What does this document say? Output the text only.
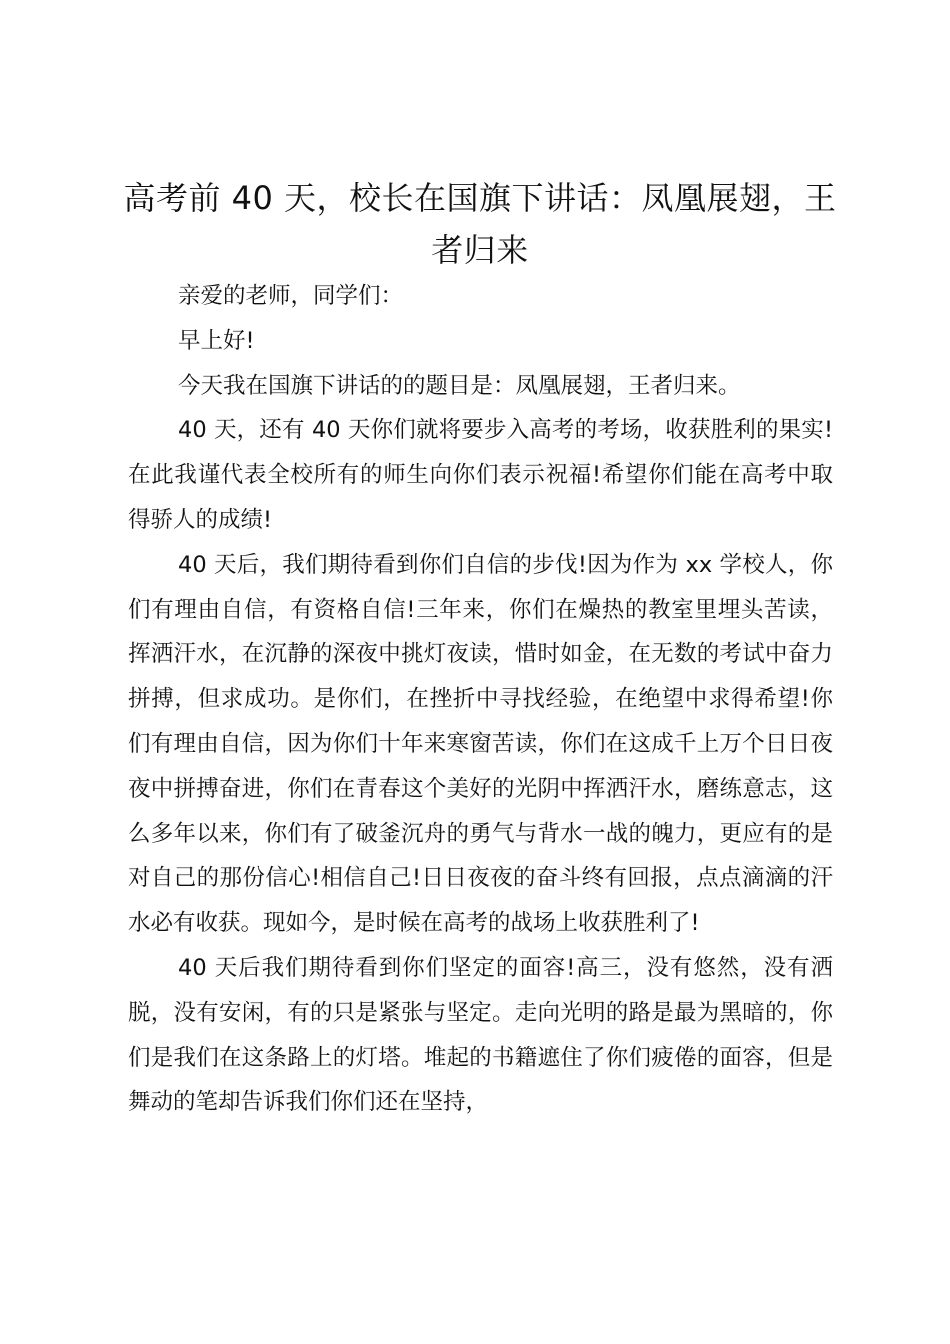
高考前 40 天，校长在国旗下讲话：凤凰展翅，王者归来

亲爱的老师，同学们：

早上好!

今天我在国旗下讲话的的题目是：凤凰展翅，王者归来。

40 天，还有 40 天你们就将要步入高考的考场，收获胜利的果实!在此我谨代表全校所有的师生向你们表示祝福!希望你们能在高考中取得骄人的成绩!

40 天后，我们期待看到你们自信的步伐!因为作为 xx 学校人，你们有理由自信，有资格自信!三年来，你们在燥热的教室里埋头苦读，挥洒汗水，在沉静的深夜中挑灯夜读，惜时如金，在无数的考试中奋力拼搏，但求成功。是你们，在挫折中寻找经验，在绝望中求得希望!你们有理由自信，因为你们十年来寒窗苦读，你们在这成千上万个日日夜夜中拼搏奋进，你们在青春这个美好的光阴中挥洒汗水，磨练意志，这么多年以来，你们有了破釜沉舟的勇气与背水一战的魄力，更应有的是对自己的那份信心!相信自己!日日夜夜的奋斗终有回报，点点滴滴的汗水必有收获。现如今，是时候在高考的战场上收获胜利了!

40 天后我们期待看到你们坚定的面容!高三，没有悠然，没有洒脱，没有安闲，有的只是紧张与坚定。走向光明的路是最为黑暗的，你们是我们在这条路上的灯塔。堆起的书籍遮住了你们疲倦的面容，但是舞动的笔却告诉我们你们还在坚持，
